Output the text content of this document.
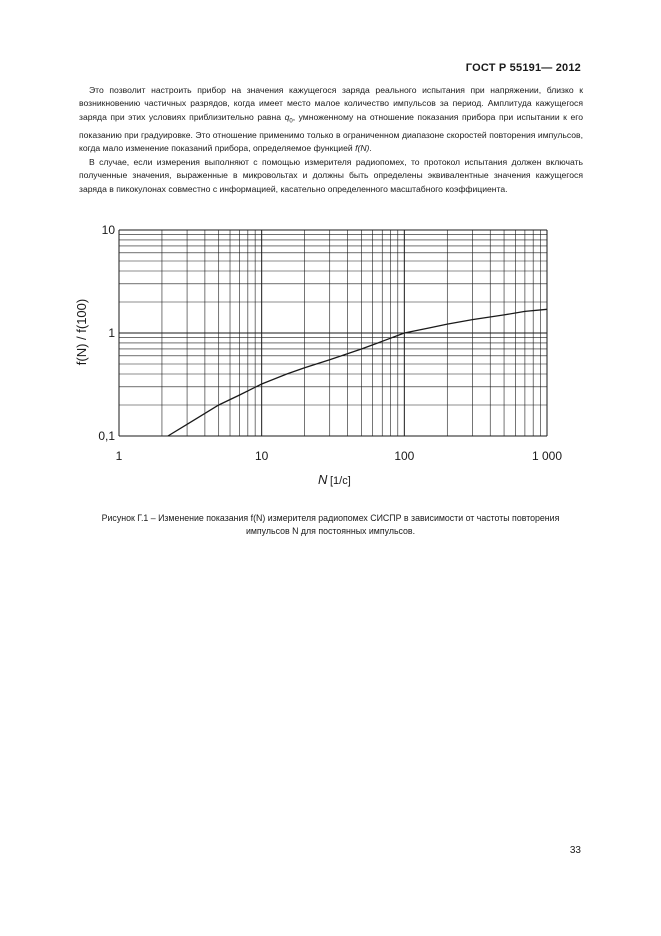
ГОСТ Р 55191— 2012

Это позволит настроить прибор на значения кажущегося заряда реального испытания при напряжении, близко к возникновению частичных разрядов, когда имеет место малое количество импульсов за период. Амплитуда кажущегося заряда при этих условиях приблизительно равна $q_0$, умноженному на отношение показания прибора при испытании к его показанию при градуировке. Это отношение применимо только в ограниченном диапазоне скоростей повторения импульсов, когда мало изменение показаний прибора, определяемое функцией f(N).

В случае, если измерения выполняют с помощью измерителя радиопомех, то протокол испытания должен включать полученные значения, выраженные в микровольтах и должны быть определены эквивалентные значения кажущегося заряда в пикокулонах совместно с информацией, касательно определенного масштабного коэффициента.

1	10	100	1 000
10
1
0,1
f(N) / f(100)
N [1/c]
Рисунок Г.1 – Изменение показания f(N) измерителя радиопомех СИСПР в зависимости от частоты повторения
импульсов N для постоянных импульсов.
33
